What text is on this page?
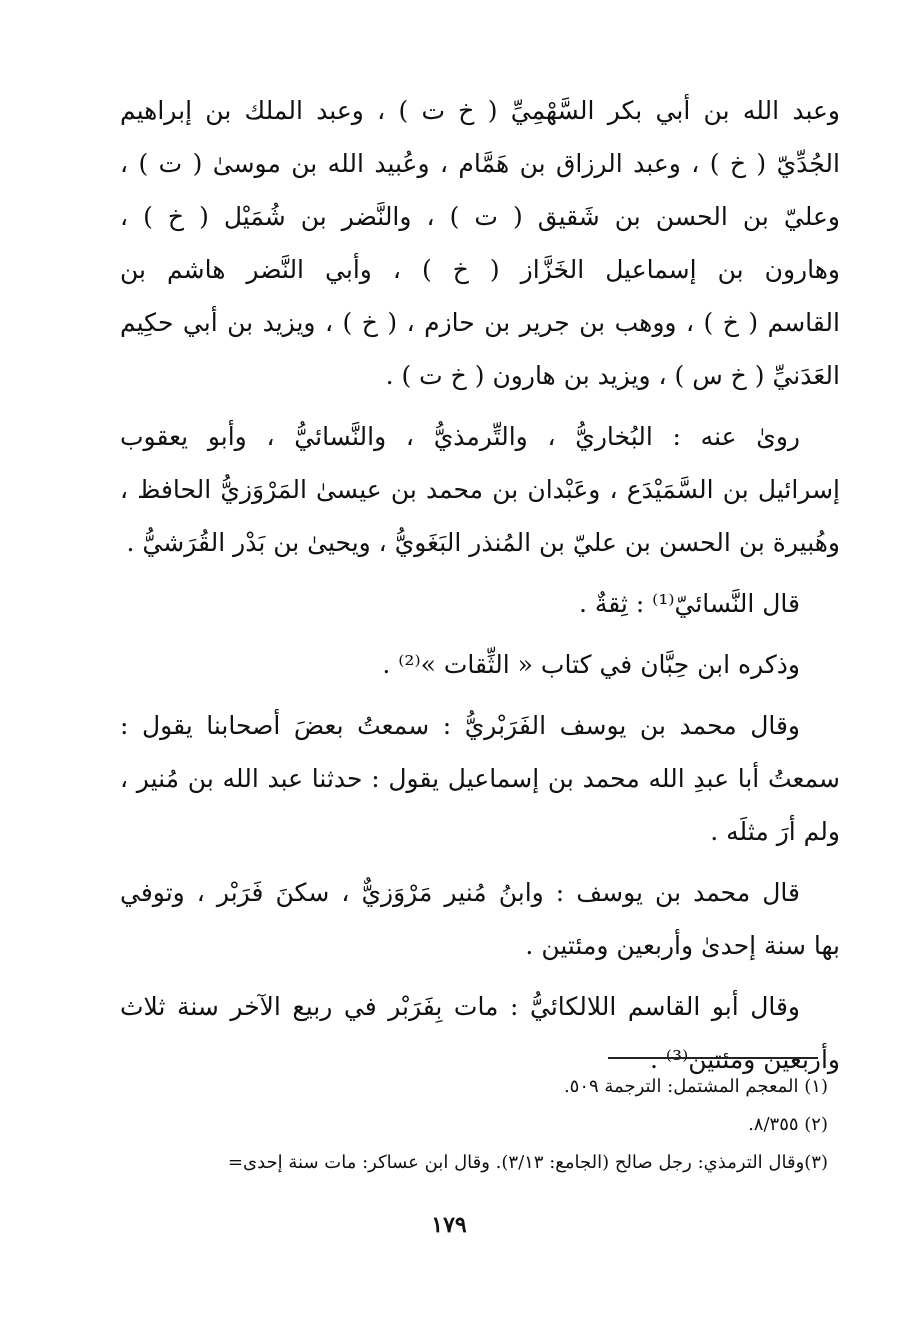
وعبد الله بن أبي بكر السَّهْمِيِّ ( خ ت ) ، وعبد الملك بن إبراهيم
الجُدِّيّ ( خ ) ، وعبد الرزاق بن هَمَّام ، وعُبيد الله بن موسىٰ ( ت ) ،
وعليّ بن الحسن بن شَقيق ( ت ) ، والنَّضر بن شُمَيْل ( خ ) ،
وهارون بن إسماعيل الخَزَّاز ( خ ) ، وأبي النَّضر هاشم بن
القاسم ( خ ) ، ووهب بن جرير بن حازم ، ( خ ) ، ويزيد بن أبي حكِيم
العَدَنيِّ ( خ س ) ، ويزيد بن هارون ( خ ت ) .
روىٰ عنه : البُخاريُّ ، والتِّرمذيُّ ، والنَّسائيُّ ، وأبو يعقوب
إسرائيل بن السَّمَيْدَع ، وعَبْدان بن محمد بن عيسىٰ المَرْوَزيُّ الحافظ ،
وهُبيرة بن الحسن بن عليّ بن المُنذر البَغَويُّ ، ويحيىٰ بن بَدْر القُرَشيُّ .
قال النَّسائيّ⁽¹⁾ : ثِقةٌ .
وذكره ابن حِبَّان في كتاب « الثِّقات »⁽²⁾ .
وقال محمد بن يوسف الفَرَبْريُّ : سمعتُ بعضَ أصحابنا يقول :
سمعتُ أبا عبدِ الله محمد بن إسماعيل يقول : حدثنا عبد الله بن مُنير ،
ولم أرَ مثلَه .
قال محمد بن يوسف : وابنُ مُنير مَرْوَزيٌّ ، سكنَ فَرَبْر ، وتوفي
بها سنة إحدىٰ وأربعين ومئتين .
وقال أبو القاسم اللالكائيُّ : مات بِفَرَبْر في ربيع الآخر سنة ثلاث
وأربعين ومئتين⁽³⁾ .
(١) المعجم المشتمل: الترجمة ٥٠٩.
(٢) ٨/٣٥٥.
(٣)وقال الترمذي: رجل صالح (الجامع: ٣/١٣). وقال ابن عساكر: مات سنة إحدى=
١٧٩
